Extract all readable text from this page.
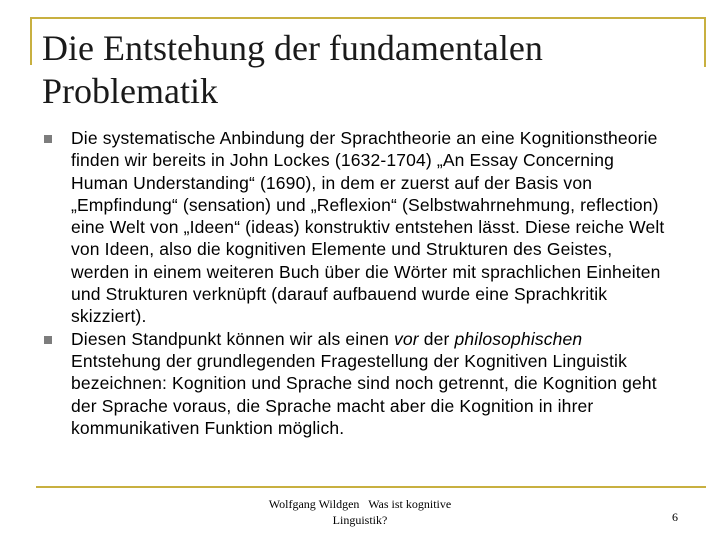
Die Entstehung der fundamentalen Problematik
Die systematische Anbindung der Sprachtheorie an eine Kognitionstheorie finden wir bereits in John Lockes (1632-1704) „An Essay Concerning Human Understanding“ (1690), in dem er zuerst auf der Basis von „Empfindung“ (sensation) und „Reflexion“ (Selbstwahrnehmung, reflection) eine Welt von „Ideen“ (ideas) konstruktiv entstehen lässt. Diese reiche Welt von Ideen, also die kognitiven Elemente und Strukturen des Geistes, werden in einem weiteren Buch über die Wörter mit sprachlichen Einheiten und Strukturen verknüpft (darauf aufbauend wurde eine Sprachkritik skizziert).
Diesen Standpunkt können wir als einen vor der philosophischen Entstehung der grundlegenden Fragestellung der Kognitiven Linguistik bezeichnen: Kognition und Sprache sind noch getrennt, die Kognition geht der Sprache voraus, die Sprache macht aber die Kognition in ihrer kommunikativen Funktion möglich.
Wolfgang Wildgen   Was ist kognitive
Linguistik?	6
